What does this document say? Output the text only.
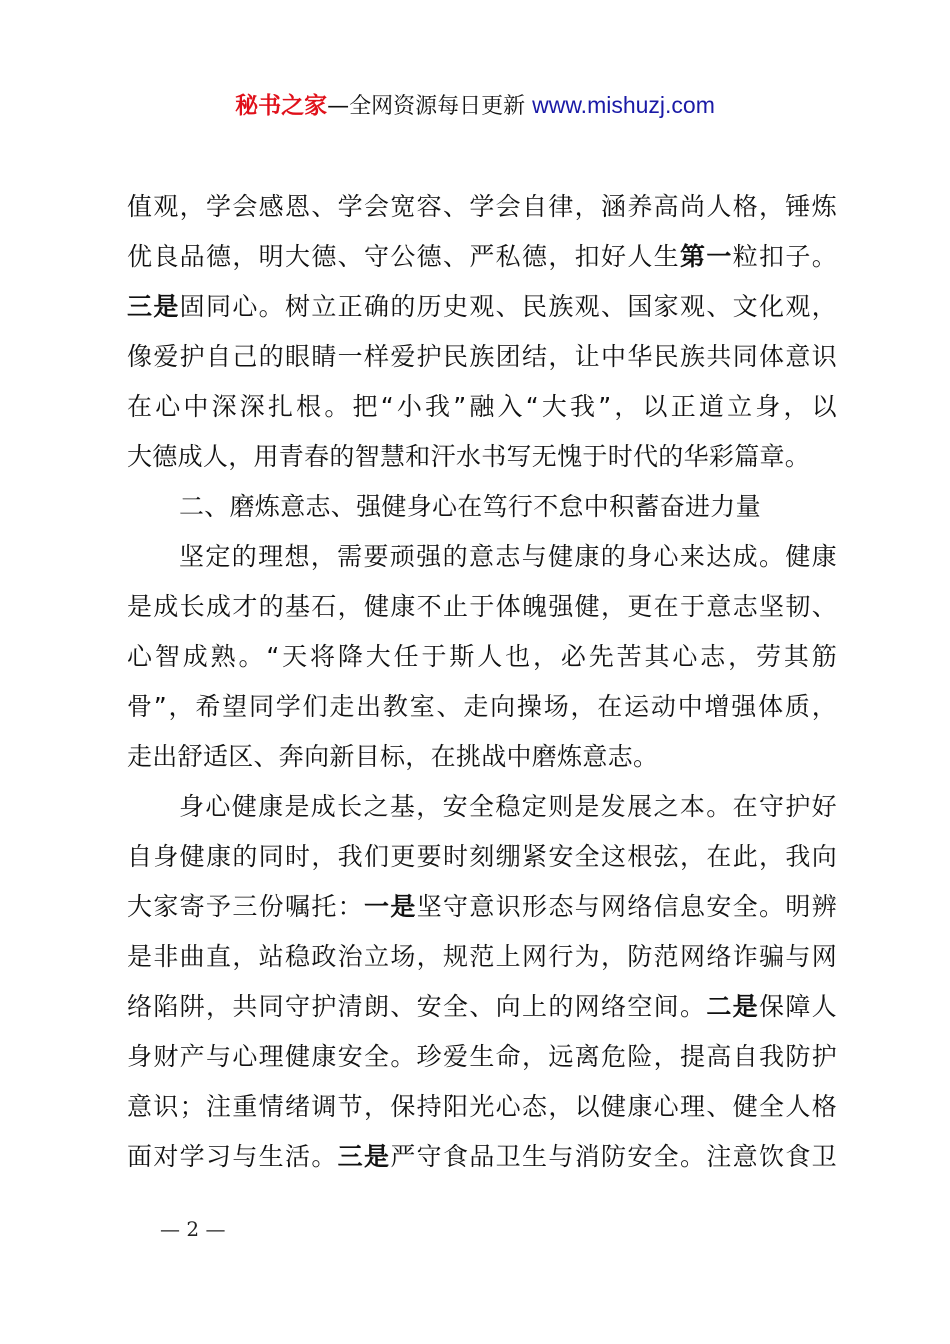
秘书之家—全网资源每日更新 www.mishuzj.com
值观，学会感恩、学会宽容、学会自律，涵养高尚人格，锤炼
优良品德，明大德、守公德、严私德，扣好人生第一粒扣子。
三是固同心。树立正确的历史观、民族观、国家观、文化观，
像爱护自己的眼睛一样爱护民族团结，让中华民族共同体意识
在心中深深扎根。把“小我”融入“大我”，以正道立身，以
大德成人，用青春的智慧和汗水书写无愧于时代的华彩篇章。
二、磨炼意志、强健身心在笃行不怠中积蓄奋进力量
坚定的理想，需要顽强的意志与健康的身心来达成。健康
是成长成才的基石，健康不止于体魄强健，更在于意志坚韧、
心智成熟。“天将降大任于斯人也，必先苦其心志，劳其筋
骨”，希望同学们走出教室、走向操场，在运动中增强体质，
走出舒适区、奔向新目标，在挑战中磨炼意志。
身心健康是成长之基，安全稳定则是发展之本。在守护好
自身健康的同时，我们更要时刻绷紧安全这根弦，在此，我向
大家寄予三份嘱托：一是坚守意识形态与网络信息安全。明辨
是非曲直，站稳政治立场，规范上网行为，防范网络诈骗与网
络陷阱，共同守护清朗、安全、向上的网络空间。二是保障人
身财产与心理健康安全。珍爱生命，远离危险，提高自我防护
意识；注重情绪调节，保持阳光心态，以健康心理、健全人格
面对学习与生活。三是严守食品卫生与消防安全。注意饮食卫
— 2 —
